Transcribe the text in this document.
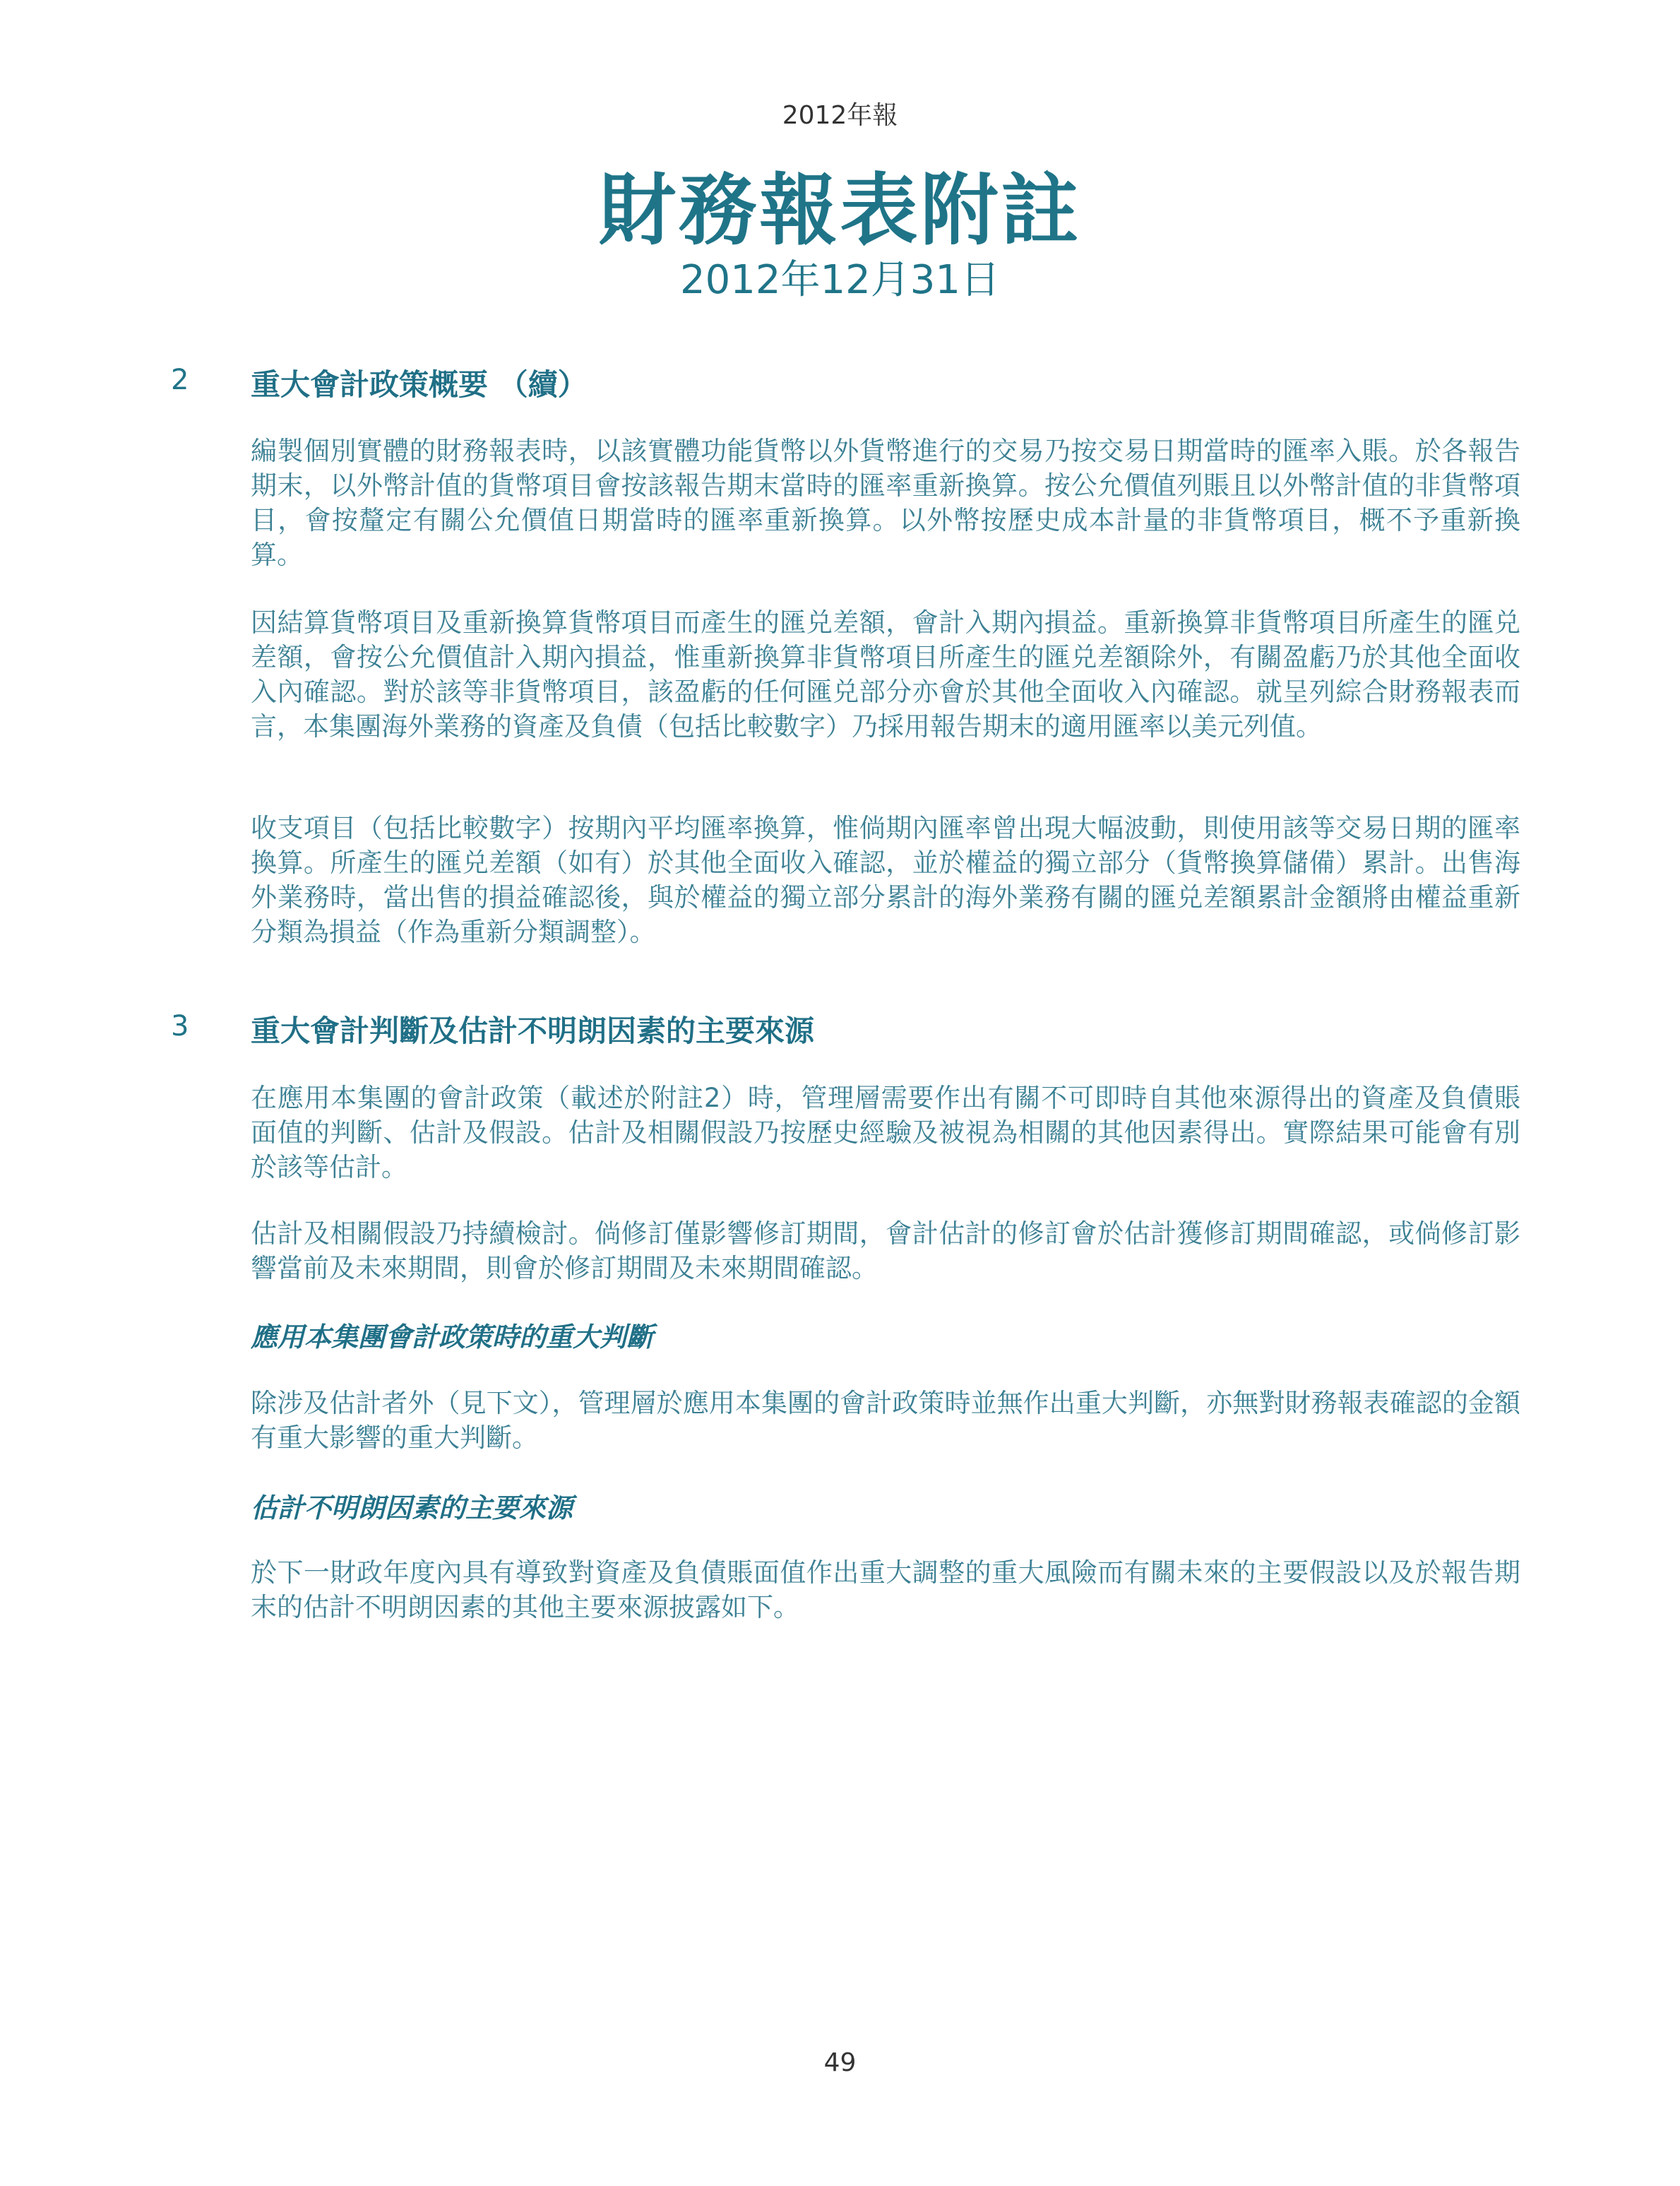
2012年報
財務報表附註
2012年12月31日
2 重大會計政策概要 （續）

編製個別實體的財務報表時，以該實體功能貨幣以外貨幣進行的交易乃按交易日期當時的匯率入賬。於各報告期末，以外幣計值的貨幣項目會按該報告期末當時的匯率重新換算。按公允價值列賬且以外幣計值的非貨幣項目，會按釐定有關公允價值日期當時的匯率重新換算。以外幣按歷史成本計量的非貨幣項目，概不予重新換算。

因結算貨幣項目及重新換算貨幣項目而產生的匯兑差額，會計入期內損益。重新換算非貨幣項目所產生的匯兑差額，會按公允價值計入期內損益，惟重新換算非貨幣項目所產生的匯兑差額除外，有關盈虧乃於其他全面收入內確認。對於該等非貨幣項目，該盈虧的任何匯兑部分亦會於其他全面收入內確認。就呈列綜合財務報表而言，本集團海外業務的資產及負債（包括比較數字）乃採用報告期末的適用匯率以美元列值。

收支項目（包括比較數字）按期內平均匯率換算，惟倘期內匯率曾出現大幅波動，則使用該等交易日期的匯率換算。所產生的匯兑差額（如有）於其他全面收入確認，並於權益的獨立部分（貨幣換算儲備）累計。出售海外業務時，當出售的損益確認後，與於權益的獨立部分累計的海外業務有關的匯兑差額累計金額將由權益重新分類為損益（作為重新分類調整）。

3 重大會計判斷及估計不明朗因素的主要來源

在應用本集團的會計政策（載述於附註2）時，管理層需要作出有關不可即時自其他來源得出的資產及負債賬面值的判斷、估計及假設。估計及相關假設乃按歷史經驗及被視為相關的其他因素得出。實際結果可能會有別於該等估計。

估計及相關假設乃持續檢討。倘修訂僅影響修訂期間，會計估計的修訂會於估計獲修訂期間確認，或倘修訂影響當前及未來期間，則會於修訂期間及未來期間確認。

應用本集團會計政策時的重大判斷

除涉及估計者外（見下文），管理層於應用本集團的會計政策時並無作出重大判斷，亦無對財務報表確認的金額有重大影響的重大判斷。

估計不明朗因素的主要來源

於下一財政年度內具有導致對資產及負債賬面值作出重大調整的重大風險而有關未來的主要假設以及於報告期末的估計不明朗因素的其他主要來源披露如下。

49
